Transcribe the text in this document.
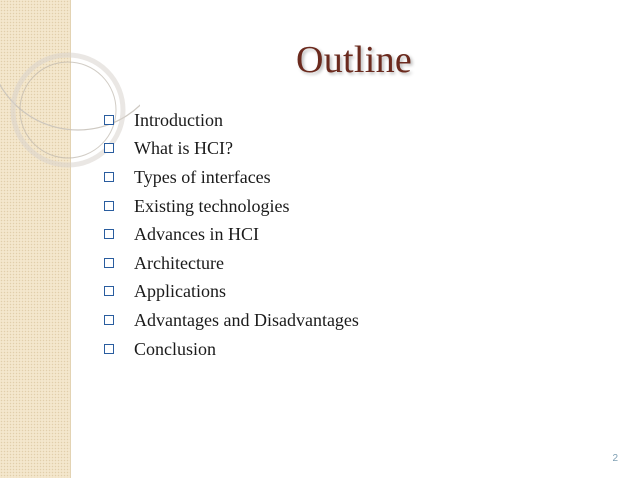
Outline
Introduction
What is HCI?
Types of interfaces
Existing technologies
Advances in HCI
Architecture
Applications
Advantages and Disadvantages
Conclusion
2
